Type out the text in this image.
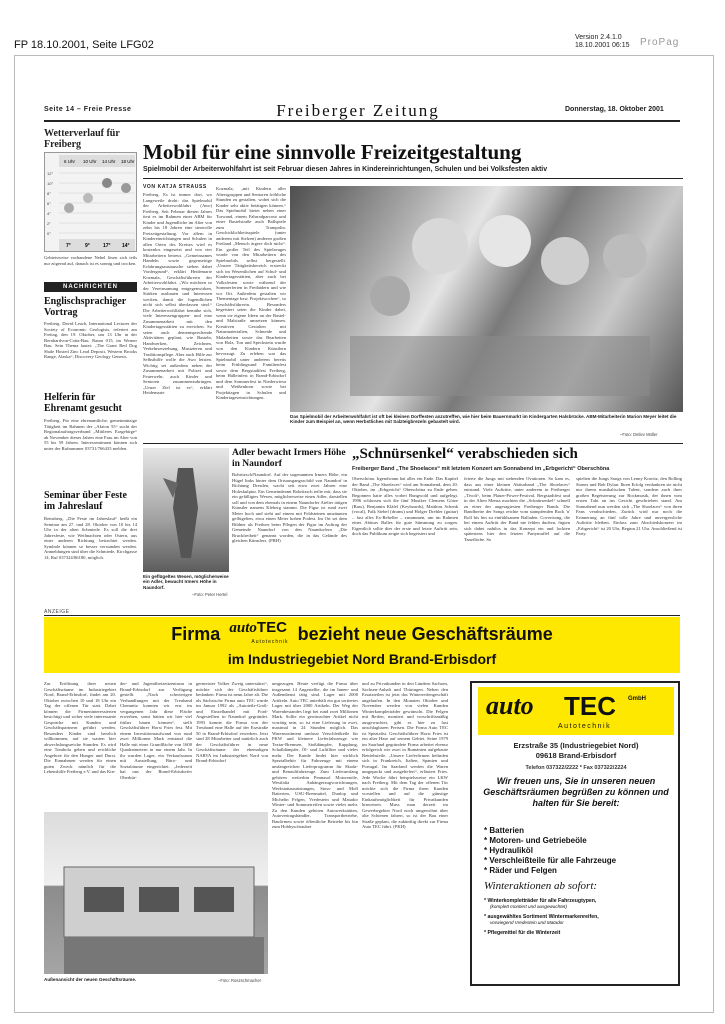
FP 18.10.2001, Seite LFG02
Version 2.4.1.0
18.10.2001 06:15 ProPag
Seite 14 – Freie Presse	Freiberger Zeitung	Donnerstag, 18. Oktober 2001
Wetterverlauf für Freiberg
6 Uhr 10 Uhr 14 Uhr 18 Uhr
12°
10°
8°
6°
4°
2°
0°
7°	9°	17° 14°
Gebietsweise vorhandene Nebel lösen sich teils nur zögernd auf, danach ist es sonnig und trocken.
NACHRICHTEN
Englischsprachiger Vortrag
Freiberg. David Leach, International Lecturer der Society of Economic Geologists, referiert am Freitag, den 19. Oktober, um 13 Uhr in der Bernhardvon-Cotta-Bau, Raum 015, im Werner Bau. Sein Thema lautet: „The Grant Red Dog Shale Hosted Zinc Lead Deposit, Western Brooks Range, Alaska“, Discovery Geology Genesis.
Helferin für Ehrenamt gesucht
Freiberg. Für eine ehrenamtliche, gemeinnützige Tätigkeit im Rahmen der „Aktion 55“ sucht der Regionalauftragsverbund „Mittleres Erzgebirge“ ab November dieses Jahres eine Frau im Alter von 55 bis 59 Jahren. Interessentinnen können sich unter der Rufnummer 03731/766435 melden.
Seminar über Feste im Jahreslauf
Reinsberg. „Die Feste im Jahreslauf“ heißt ein Seminar am 27. und 28. Oktober von 10 bis 14 Uhr in der alten Schmiede. Es soll die drei Jahresfeste, wie Weihnachten oder Ostern, aus einer anderen Richtung betrachtet werden. Symbole können so besser verstanden werden. Anmeldungen sind über die Schmiede, Kirchgasse 14, Ruf 037324/86180, möglich.
Mobil für eine sinnvolle Freizeitgestaltung
Spielmobil der Arbeiterwohlfahrt ist seit Februar diesen Jahres in Kindereinrichtungen, Schulen und bei Volksfesten aktiv
VON KATJA STRAUSS
Freiberg. Es ist immer dort, wo Langeweile droht: das Spielmobil der Arbeiterwohlfahrt (Awo) Freiberg. Seit Februar diesen Jahres tiert es im Rahmen einer ABM für Kinder und Jugendliche im Alter von zehn bis 18 Jahren eine sinnvolle Freizeitgestaltung. Vor allem in Kindereinrichtungen und Schulen in allen Orten des Kreises wird es kostenlos eingesetzt und von vier Mitarbeitern betreut. „Gemeinsames Handeln sowie gegenseitige Erfahrungsaustausche stehen dabei Vordergrund“, erklärt Heidemarie Kozmala, Geschäftsführerin der Arbeiterwohlfahrt. „Wir möchten so der Vereinsamung entgegenwirken, Stärken ausbauen und Interessen wecken, damit die Jugendlichen nicht sich selbst überlassen sind.“ Die Arbeiterwohlfahrt bemühe sich, viele Interessengruppen- und eine Zusammenarbeit mit den Kindertagesstätten zu erreichen. So seien auch dementsprechende Aktivitäten geplant, wie Basteln, Handwerken, Zeichnen, Verkehrserziehung, Musizieren und Traditionspflege. Aber auch Hilfe zur Selbsthilfe wolle die Awo leisten. Wichtig sei außerdem neben der Zusammenarbeit mit Polizei und Feuerwehr, auch Kinder und Senioren zusammenzubringen. „Unser Ziel ist es“, erklärt Heidemarie
Kozmala, „mit Kindern aller Altersgruppen und Senioren fröhliche Stunden zu gestalten, wobei sich die Kinder sehr aktiv betätigen können.“ Das Spielmobil bietet neben einer Torwand, einem Fahrradparcour und einer Bastelstraße auch Ballspiele zum Trampolin. Geschicklichkeitsspiele (unter anderem mit Stelzen) anderen großen Freiland „Mensch ärgere dich nicht“. Ein großer Teil des Spielzeuges wurde von den Mitarbeitern des Spielmobils selbst hergestellt. „Unsere Tätigkeitsbereich erstreckt sich im Wesentlichen auf Schul- und Kindertagesstätten, aber auch bei Volksfesten sowie während der Sommerferien in Freibädern und wie vor Ort. Außerdem gestalten wir Thementage bzw. Projektwochen“, so Geschäftsführerin. Besonders begeistert seien die Kinder dabei, wenn sie eigene Ideen an der Bastel- und Malstraße umsetzen können. Kreativen Gestalten mit Naturmaterialien, Schneide und Malarbeiten sowie das Bearbeiten von Holz, Ton und Speckstein wurde von den Kindern Künstlern bevorzugt. Zu erleben war das Spielmobil unter anderem bereits beim Frühlingsund Familienfest sowie dem Bergstadtfest Freiberg, beim Hälleinfest in Brand-Erbisdorf und dem Sommerfest in Niederwiesa und Weißenborn sowie bei Projekttagen in Schulen und Kindertageseinrichtungen.
Das Spielmobil der Arbeiterwohlfahrt ist oft bei kleinen Dorffesten anzutreffen, wie hier beim Bauernmarkt im Kindergarten Halsbrücke. ABM-Mitarbeiterin Marion Meyer leitet die Kinder zum Beispiel an, wenn Herbstliches mit Salzteigbrezeln gebastelt wird.
–Foto: Detlev Müller
Ein geflügeltes Wesen, möglicherweise ein Adler, bewacht Irmers Höhe in Naundorf.
–Foto: Peter Hertel
Adler bewacht Irmers Höhe in Naundorf
Bobritzsch/Naundorf. Auf der sogenannten Irmers Höhe, ein Hügel links hinter dem Ortsausgangsschild von Naundorf in Richtung Dresden, wacht seit etwa zwei Jahren eine Holzskulptur. Ein Gemeindeamt Bobritzsch teilte mit, dass sie ein gefälligtes Wesen, möglicherweise einen Adler, darstellen soll und von dem ehemals in einem Naundorfer Atelier tätigen Künstler namens Kleberg stammt. Die Figur ist rund zwei Meter hoch und steht auf einem mit Feldsteinen umzäunten geflügelten, etwa einen Meter hohen Podest. Im Ort sei dem Bildner als Freiherr beim Pflegen der Figur im Auftrag der Gemeinde Naundorf von den Naundorfern „Die Bruckfreiheit“ genannt worden, die in das Gelände des gleichen Künstlers. (PRH)
„Schnürsenkel“ verabschieden sich
Freiberger Band „The Shoelaces“ mit letztem Konzert am Sonnabend im „Erbgericht“ Oberschöna
Oberschöna. Irgendwann hat alles ein Ende. Das Kapitel der Band „The Shoelaces“ wird am Sonnabend, dem 20. Oktober, im „Erbgericht“ Oberschöna zu Ende gehen. Begonnen hatte alles vorbei Bungwold und aufgelegt. 1996 schlossen sich die fünf Musiker Clemens Götze (Bass), Benjamin Kläfel (Keyboards), Matthias Schenk (vocal), Falk Siebel (drums) und Holger Drehler (guitar) – fast alles Ex-Rebeller – zusammen, um im Rahmen eines Abiturs Balles für gute Stimmung zu sorgen. Eigentlich sollte dies der erste und letzte Auftritt sein, doch das Publikum zeigte sich begeistert und
feierte die Jungs mit stehenden Ovationen. So kam es, dass aus einer kleinen Abiturband „The Shoelaces“ entstand. Viele Auftritte, unter anderem in Freiberger „Tivoli“, beim Plauer-Power-Festival, Bergstadtfest und in der Alten Mensa machten die „Schnürsenkel“ schnell zu einer der angesagtesten Freiberger Bands. Die Bandbreite der Songs reichte vom stampfenden Rock 'n' Roll bis hin zu einfühlsamen Balladen. Covertsong, die bei einem Auftritt der Band nie fehlen durften, fügten sich dabei nahtlos in das Konzept ein und lockten spätestens hier den letzten Partymuffel auf die Tanzfläche. So
spielten die Jungs Songs von Lenny Kravitz, den Rolling Stones und Bob Dylan. Ihren Erfolg verdankten sie nicht nur ihrem musikalischen Talent, sondern auch ihrer großen Begeisterung zur Rockmusik, der ihnen vom ersten Takt an ins Gesicht geschrieben stand. Am Sonnabend nun werden sich „The Shoelaces“ von ihren Fans verabschieden, Zurück wird nur noch die Erinnerung an fünf tolle Jahre und unvergessliche Auftritte bleiben. Einlass zum Abschiedskonzert im „Erbgericht“ ist 20 Uhr, Beginn 21 Uhr. Anschließend ist Party.
ANZEIGE
Firma autoTEC
Autotechnik bezieht neue Geschäftsräume
im Industriegebiet Nord Brand-Erbisdorf
Zur Eröffnung ihrer neuen Geschäftsräume im Industriegebiet Nord, Brand-Erbisdorf, findet am 20. Oktober zwischen 10 und 18 Uhr ein Tag der offenen Tür statt. Dabei können die Firmeninteressierten besichtigt und sicher viele interessante Gespräche mit Kunden und Geschäftspartnern geführt werden. Besonders Kinder sind herzlich willkommen, auf sie warten hier abwechslungsreiche Stunden. Es wird eine Tombola geben und reichliche Angebote für den Hunger und Durst. Die Einnahmen werden für einen guten Zweck nämlich für die Lebenshilfe Freiberg e.V. und das Kin-
der- und Jugendfreizeitzentrum in Brand-Erbisdorf zur Verfügung gestellt. „Nach schwierigen Verhandlungen mit der Treuhand Chemnitz konnten wir erst im vergangenen Jahr diese Fläche erwerben, sonst hätten wir hier viel früher bauen können“, stellt Geschäftsführer Horst Fries fest. Mit einem Investitionsaufwand von rund zwei Millionen Mark entstand die Halle mit einer Grundfläche von 1600 Quadratmetern in nur einem Jahr. In ihr wurden Lager, ein Verkaufsraum mit Ausstellung, Büro- und Sozialräume eingerichtet. „Jederzeit hat uns der Brand-Erbisdorfer Oberbür-
germeister Volker Zweig unterstützt“, möchte sich der Geschäftsführer bedanken. Firma ist neun Jahre alt. Die als Sächsische Firma auto TEC wurde im Januar 1992 als „Autoteile-Groß- und Einzelhandel mit Ford-Angestellten in Naundorf gegründet. 1993 konnte die Firma von der Treuhand eine Halle auf der Erzstraße 50 in Brand-Erbisdorf erwerben. Jetzt sind 28 Mitarbeiter und natürlich auch der Geschäftsführer in neue Geschäftsräume der ehemaligen NARVA im Industriegebiet Nord von Brand-Erbisdorf
umgezogen. Heute verfügt die Firma über insgesamt 14 Angestellte, die im Innen- und Außendienst tätig sind. Lager mit 2000 Artikeln. Auto TEC unterhält ein gut sortiertes Lager mit über 2000 Artikeln. Der Weg der Warenbestandes liegt bei rund zwei Millionen Mark. Sollte ein gewünschter Artikel nicht vorrätig sein, so ist eine Lieferung in zwei, maximal in 24 Stunden möglich. Das Warensortiment umfasst Verschleißteile für PKW und kleinere Lieferfahrzeuge wie Textar-Bremsen, Stoßdämpfer, Kupplung, Schalldämpfer, Öl- und Luftfilter und vieles mehr. Der Kunde findet hier wirklich Spezialbehör für Fahrzeuge mit einem umfangreichen Lieferprogramm für Skoda- und Renaultfahrzeuge. Zum Lieferumfang gehören weiterhin Pennasol Motorenöle, Westfalia Anhängerzugvorrichtungen, Werkstattausrüstungen, Stoss- und Moll Batterien, USU-Bremsattel, Dunlop und Michelin Felgen, Vredestein und Matador Winter- und Sommerreifen sowie vieles mehr. Zu den Kunden gehören Autowerkstätten, Autovertragshändler, Transportbetriebe, Baufirmen sowie öffentliche Betriebe bis hin zum Hobbyschrauber
und zu Privatkunden in den Ländern Sachsen, Sachsen-Anhalt und Thüringen. Neben den Ersatzteilen ist jetzt das Winterreifengeschäft angelaufen. In den Monaten Oktober und November werden von vielen Kunden Winterkompletträder gewünscht. Die Felgen mit Reifen, montiert und vorschriftsmäßig ausgewuchtet, gibt es hier zu fast unschlagbaren Preisen. Die Firma Auto TEC ist Spezialist. Geschäftsführer Horst Fries ist ein alter Hase auf seinem Gebiet. Seine 1979 im Saarland gegründete Firma arbeitet ebenso erfolgreich wie zwei in Rumänien aufgebaute Betriebsteile. „Unsere Lieferfirmen befinden sich in Frankreich, Italien, Spanien und Portugal. Im Saarland werden die Waren umgepackt und ausgeliefert“, erläutert Fries. Jede Woche fährt beispielsweise ein LKW nach Freiberg. Mit dem Tag der offenen Tür möchte sich die Firma ihren Kunden vorstellen und auf die günstige Einkaufsmöglichkeit für Privatkunden hinweisen. Muss man derzeit im Gewerbegebiet Nord noch umgewöhnt über alte Schienen fahren, so ist der Bau einer Straße geplant, die zukünftig direkt zur Firma Auto TEC führt. (PKH)
Außenansicht der neuen Geschäftsräume.	–Foto: Roszschmacher
auto TEC GmbH
Autotechnik
Erzstraße 35 (Industriegebiet Nord)
09618 Brand-Erbisdorf
Telefon 037322/2222 * Fax 037322/2224
Wir freuen uns, Sie in unseren neuen Geschäftsräumen begrüßen zu können und halten für Sie bereit:
* Batterien
* Motoren- und Getriebeöle
* Hydrauliköl
* Verschleißteile für alle Fahrzeuge
* Räder und Felgen
Winteraktionen ab sofort:
* Winterkompletträder für alle Fahrzeugtypen,
(komplett montiert und ausgewuchtet)
* ausgewähltes Sortiment Wintermarkenreifen,
vorwiegend Vredestein und Matador
* Pflegemittel für die Winterzeit
